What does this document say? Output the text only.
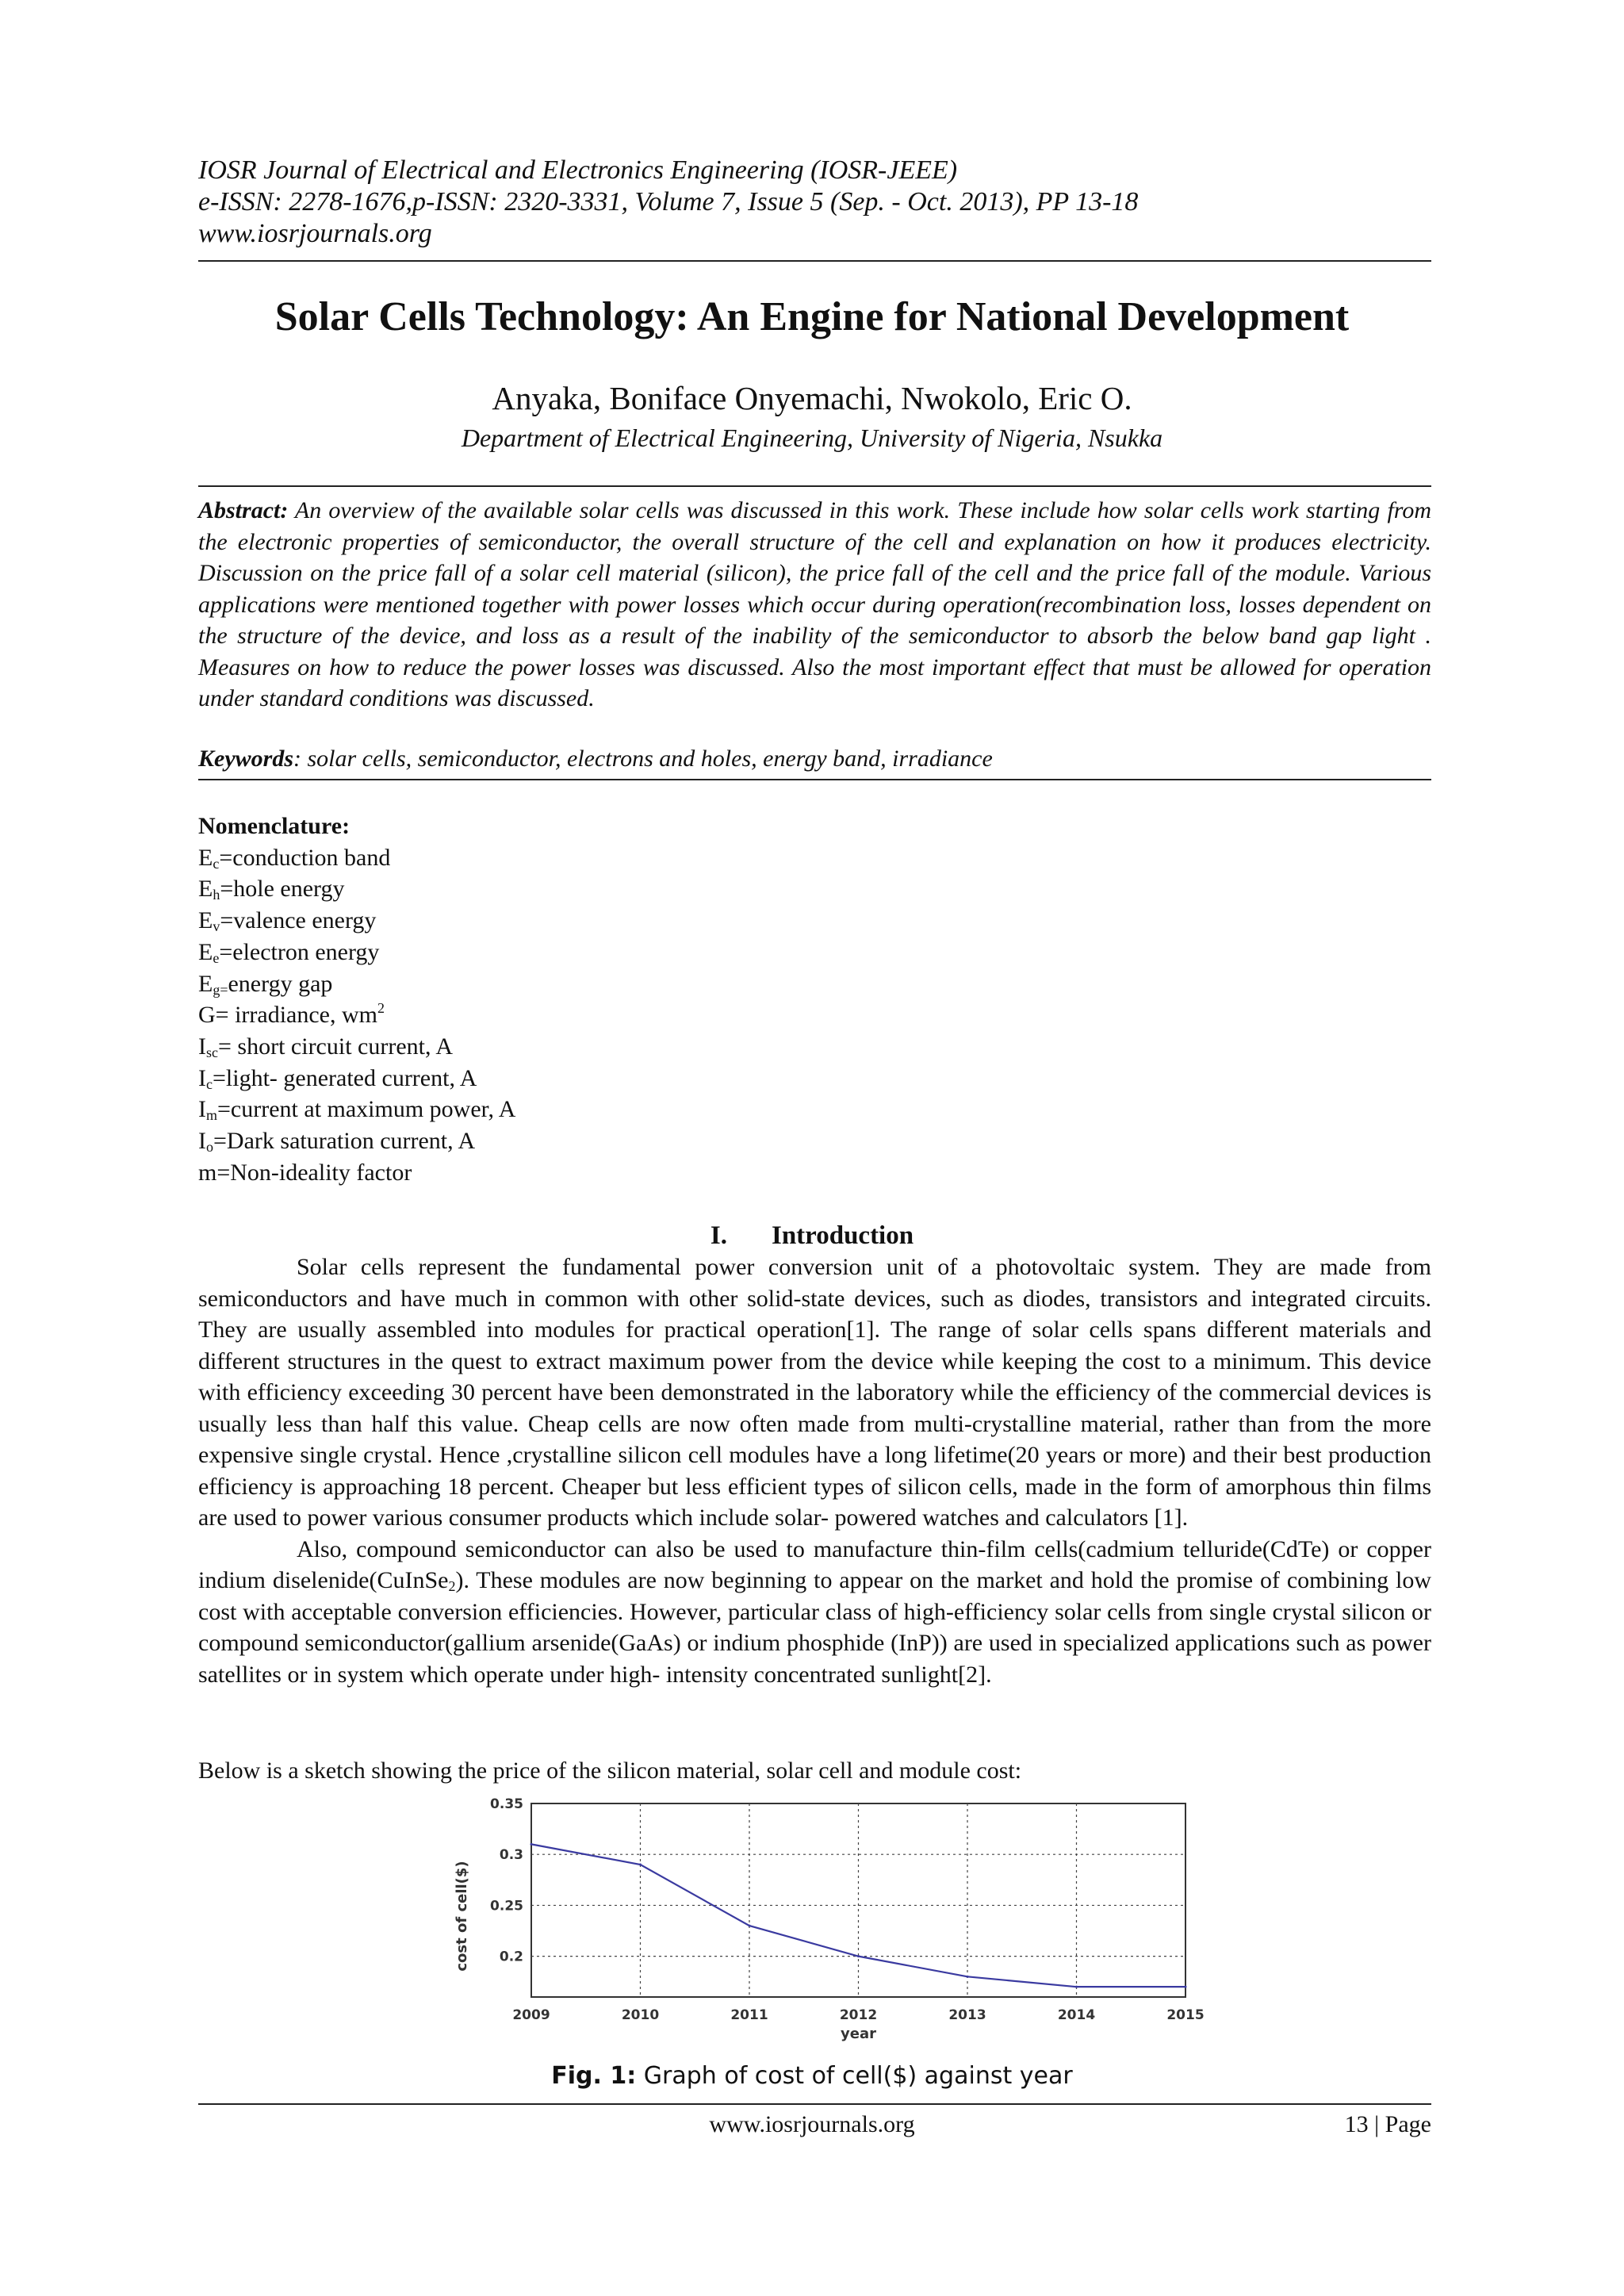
IOSR Journal of Electrical and Electronics Engineering (IOSR-JEEE)
e-ISSN: 2278-1676,p-ISSN: 2320-3331, Volume 7, Issue 5 (Sep. - Oct. 2013), PP 13-18
www.iosrjournals.org
Solar Cells Technology: An Engine for National Development
Anyaka, Boniface Onyemachi, Nwokolo, Eric O.
Department of Electrical Engineering, University of Nigeria, Nsukka
Abstract: An overview of the available solar cells was discussed in this work. These include how solar cells work starting from the electronic properties of semiconductor, the overall structure of the cell and explanation on how it produces electricity. Discussion on the price fall of a solar cell material (silicon), the price fall of the cell and the price fall of the module. Various applications were mentioned together with power losses which occur during operation(recombination loss, losses dependent on the structure of the device, and loss as a result of the inability of the semiconductor to absorb the below band gap light . Measures on how to reduce the power losses was discussed. Also the most important effect that must be allowed for operation under standard conditions was discussed.
Keywords: solar cells, semiconductor, electrons and holes, energy band, irradiance
Nomenclature:
$E_c=conduction$ band
$E_h=hole$ energy
$E_v=valence$ energy
$E_e=electron$ energy
$E_{g=}energy$ gap
G= irradiance, $wm^2$
$I_{sc}=$ short circuit current, A
$I_c=light-$ generated current, A
$I_m=current$ at maximum power, A
$I_o=Dark$ saturation current, A
m=Non-ideality factor
I. Introduction

Solar cells represent the fundamental power conversion unit of a photovoltaic system. They are made from semiconductors and have much in common with other solid-state devices, such as diodes, transistors and integrated circuits. They are usually assembled into modules for practical operation[1]. The range of solar cells spans different materials and different structures in the quest to extract maximum power from the device while keeping the cost to a minimum. This device with efficiency exceeding 30 percent have been demonstrated in the laboratory while the efficiency of the commercial devices is usually less than half this value. Cheap cells are now often made from multi-crystalline material, rather than from the more expensive single crystal. Hence ,crystalline silicon cell modules have a long lifetime(20 years or more) and their best production efficiency is approaching 18 percent. Cheaper but less efficient types of silicon cells, made in the form of amorphous thin films are used to power various consumer products which include solar- powered watches and calculators [1].

Also, compound semiconductor can also be used to manufacture thin-film cells(cadmium telluride(CdTe) or copper indium diselenide(CuInSe$_2$). These modules are now beginning to appear on the market and hold the promise of combining low cost with acceptable conversion efficiencies. However, particular class of high-efficiency solar cells from single crystal silicon or compound semiconductor(gallium arsenide(GaAs) or indium phosphide (InP)) are used in specialized applications such as power satellites or in system which operate under high- intensity concentrated sunlight[2].

Below is a sketch showing the price of the silicon material, solar cell and module cost:
2009	2010	2011	2012	2013	2014	2015
0.2
0.25
0.3
0.35
year
cost of cell($)
Fig. 1: Graph of cost of cell($) against year
www.iosrjournals.org	13 | Page
